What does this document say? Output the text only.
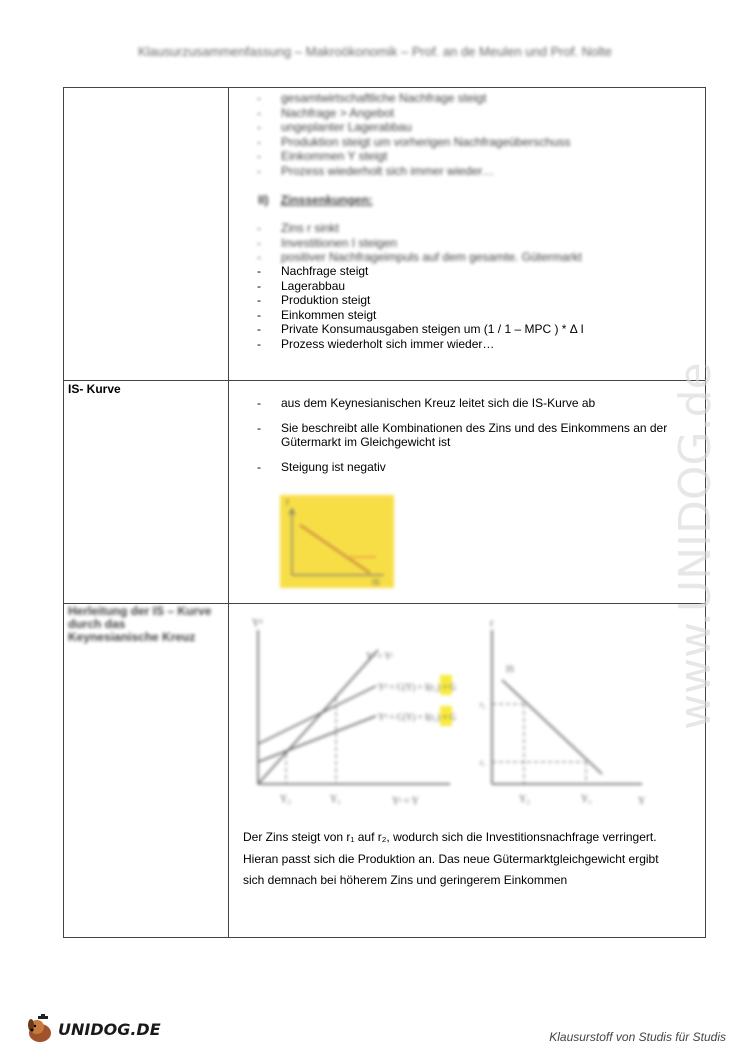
Klausurzusammenfassung – Makroökonomik – Prof. an de Meulen und Prof. Nolte
- gesamtwirtschaftliche Nachfrage steigt
- Nachfrage > Angebot
- ungeplanter Lagerabbau
- Produktion steigt um vorherigen Nachfrageüberschuss
- Einkommen Y steigt
- Prozess wiederholt sich immer wieder…
II) Zinssenkungen:
- Zins r sinkt
- Investitionen I steigen
- positiver Nachfrageimpuls auf dem gesamte. Gütermarkt
- Nachfrage steigt
- Lagerabbau
- Produktion steigt
- Einkommen steigt
- Private Konsumausgaben steigen um (1 / 1 – MPC ) * Δ I
- Prozess wiederholt sich immer wieder…
IS- Kurve
- aus dem Keynesianischen Kreuz leitet sich die IS-Kurve ab
- Sie beschreibt alle Kombinationen des Zins und des Einkommens an der Gütermarkt im Gleichgewicht ist
- Steigung ist negativ
r
IS
Herleitung der IS – Kurve durch das Keynesianische Kreuz
Yᵈ
Yᵈ = Yˢ
Yᵈ = C(Y) + I(r₂) + G
Yᵈ = C(Y) + I(r₁) + G
Y₂	Y₁	Yˢ = Y
r
IS
r₂
r₁
Y₂	Y₁	Y
Der Zins steigt von r₁ auf r₂, wodurch sich die Investitionsnachfrage verringert. Hieran passt sich die Produktion an. Das neue Gütermarktgleichgewicht ergibt sich demnach bei höherem Zins und geringerem Einkommen
www.UNIDOG.de
UNIDOG.DE	Klausurstoff von Studis für Studis
